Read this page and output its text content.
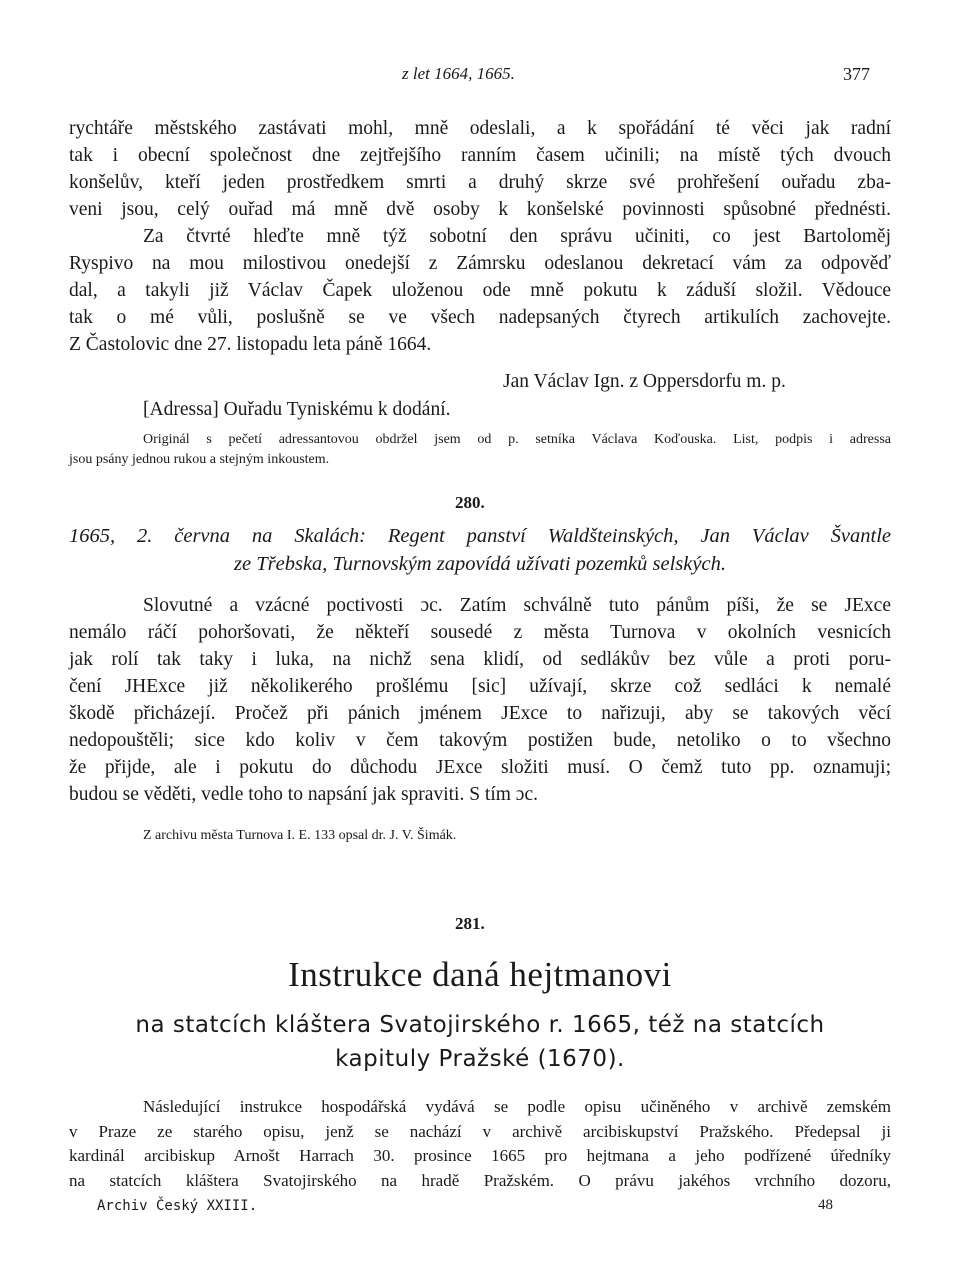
z let 1664, 1665.	377

rychtáře městského zastávati mohl, mně odeslali, a k spořádání té věci jak radní

tak i obecní společnost dne zejtřejšího ranním časem učinili; na místě tých dvouch

konšelův, kteří jeden prostředkem smrti a druhý skrze své prohřešení ouřadu zba-

veni jsou, celý ouřad má mně dvě osoby k konšelské povinnosti spůsobné přednésti.

Za čtvrté hleďte mně týž sobotní den správu učiniti, co jest Bartoloměj

Ryspivo na mou milostivou onedejší z Zámrsku odeslanou dekretací vám za odpověď

dal, a takyli již Václav Čapek uloženou ode mně pokutu k záduší složil. Vědouce

tak o mé vůli, poslušně se ve všech nadepsaných čtyrech artikulích zachovejte.

Z Častolovic dne 27. listopadu leta páně 1664.

Jan Václav Ign. z Oppersdorfu m. p.
[Adressa] Ouřadu Tyniskému k dodání.

Originál s pečetí adressantovou obdržel jsem od p. setníka Václava Koďouska. List, podpis i adressa

jsou psány jednou rukou a stejným inkoustem.

280.

1665, 2. června na Skalách: Regent panství Waldšteinských, Jan Václav Švantle

ze Třebska, Turnovským zapovídá užívati pozemků selských.

Slovutné a vzácné poctivosti ɔc. Zatím schválně tuto pánům píši, že se JExce

nemálo ráčí pohoršovati, že někteří sousedé z města Turnova v okolních vesnicích

jak rolí tak taky i luka, na nichž sena klidí, od sedlákův bez vůle a proti poru-

čení JHExce již několikerého prošlému [sic] užívají, skrze což sedláci k nemalé

škodě přicházejí. Pročež při pánich jménem JExce to nařizuji, aby se takových věcí

nedopouštěli; sice kdo koliv v čem takovým postižen bude, netoliko o to všechno

že přijde, ale i pokutu do důchodu JExce složiti musí. O čemž tuto pp. oznamuji;

budou se věděti, vedle toho to napsání jak spraviti. S tím ɔc.

Z archivu města Turnova I. E. 133 opsal dr. J. V. Šimák.
281.
Instrukce daná hejtmanovi
na statcích kláštera Svatojirského r. 1665, též na statcích
kapituly Pražské (1670).

Následující instrukce hospodářská vydává se podle opisu učiněného v archivě zemském

v Praze ze starého opisu, jenž se nachází v archivě arcibiskupství Pražského. Předepsal ji

kardinál arcibiskup Arnošt Harrach 30. prosince 1665 pro hejtmana a jeho podřízené úředníky

na statcích kláštera Svatojirského na hradě Pražském. O právu jakéhos vrchního dozoru,

Archiv Český XXIII.	48
